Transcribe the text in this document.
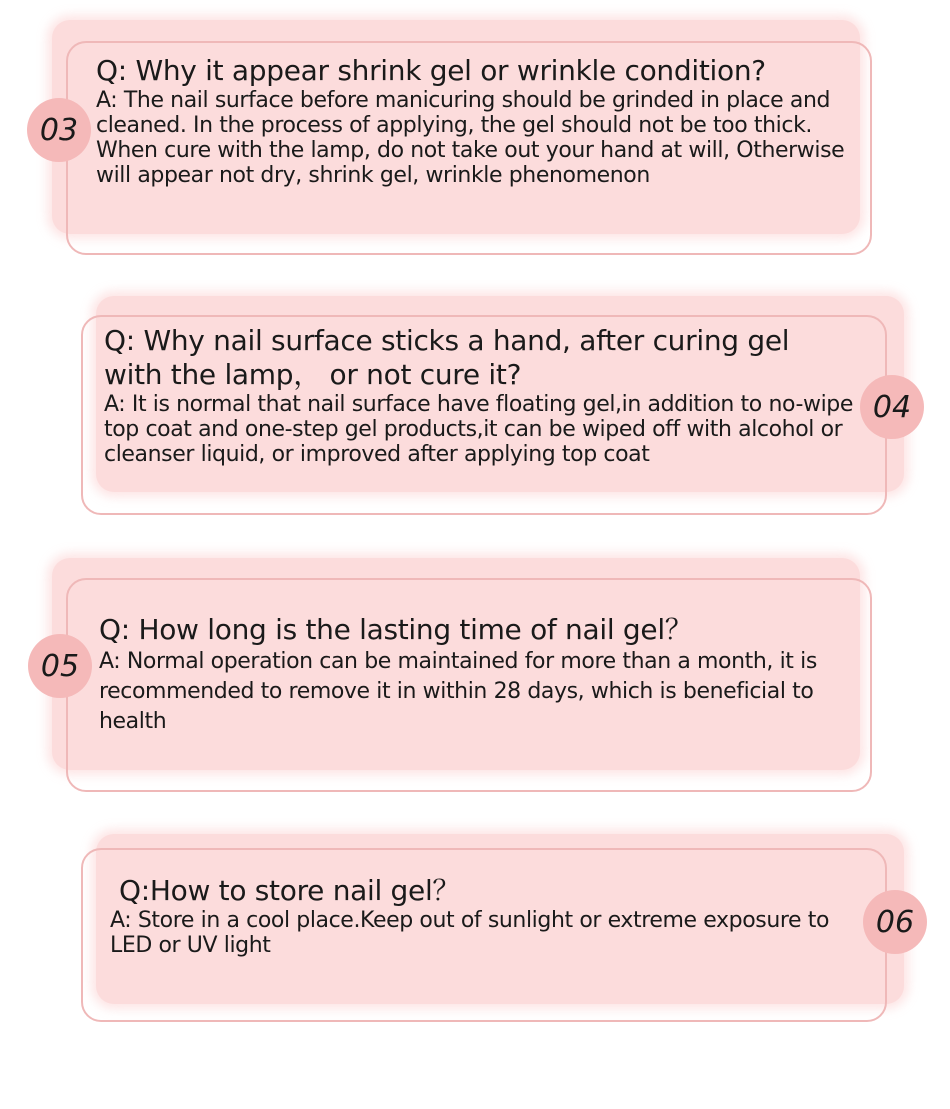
03
Q: Why it appear shrink gel or wrinkle condition?

A: The nail surface before manicuring should be grinded in place and cleaned. In the process of applying, the gel should not be too thick. When cure with the lamp, do not take out your hand at will, Otherwise will appear not dry, shrink gel, wrinkle phenomenon

04
Q: Why nail surface sticks a hand, after curing gel with the lamp， or not cure it?

A: It is normal that nail surface have floating gel,in addition to no-wipe top coat and one-step gel products,it can be wiped off with alcohol or cleanser liquid, or improved after applying top coat

05
Q: How long is the lasting time of nail gel？

A: Normal operation can be maintained for more than a month, it is recommended to remove it in within 28 days, which is beneficial to health

06
Q:How to store nail gel？

A: Store in a cool place.Keep out of sunlight or extreme exposure to LED or UV light
